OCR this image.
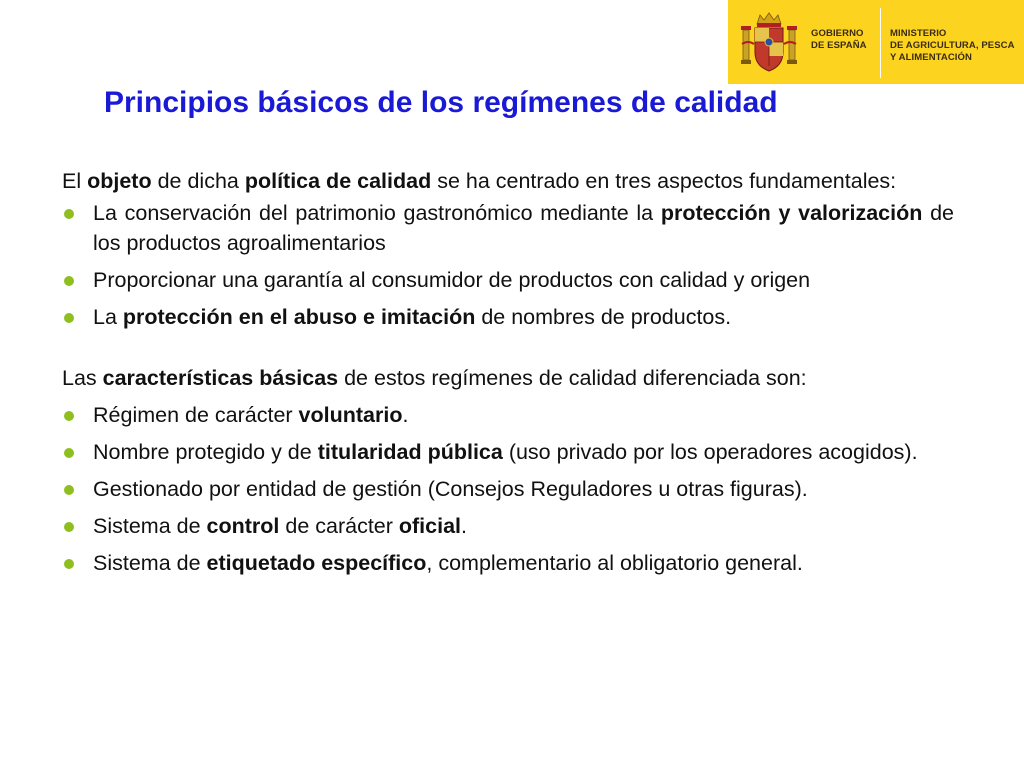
GOBIERNO
DE ESPAÑA

MINISTERIO
DE AGRICULTURA, PESCA
Y ALIMENTACIÓN

Principios básicos de los regímenes de calidad

El objeto de dicha política de calidad se ha centrado en tres aspectos fundamentales:

La conservación del patrimonio gastronómico mediante la protección y valorización de los productos agroalimentarios
Proporcionar una garantía al consumidor de productos con calidad y origen
La protección en el abuso e imitación de nombres de productos.

Las características básicas de estos regímenes de calidad diferenciada son:

Régimen de carácter voluntario.
Nombre protegido y de titularidad pública (uso privado por los operadores acogidos).
Gestionado por entidad de gestión (Consejos Reguladores u otras figuras).
Sistema de control de carácter oficial.
Sistema de etiquetado específico, complementario al obligatorio general.
